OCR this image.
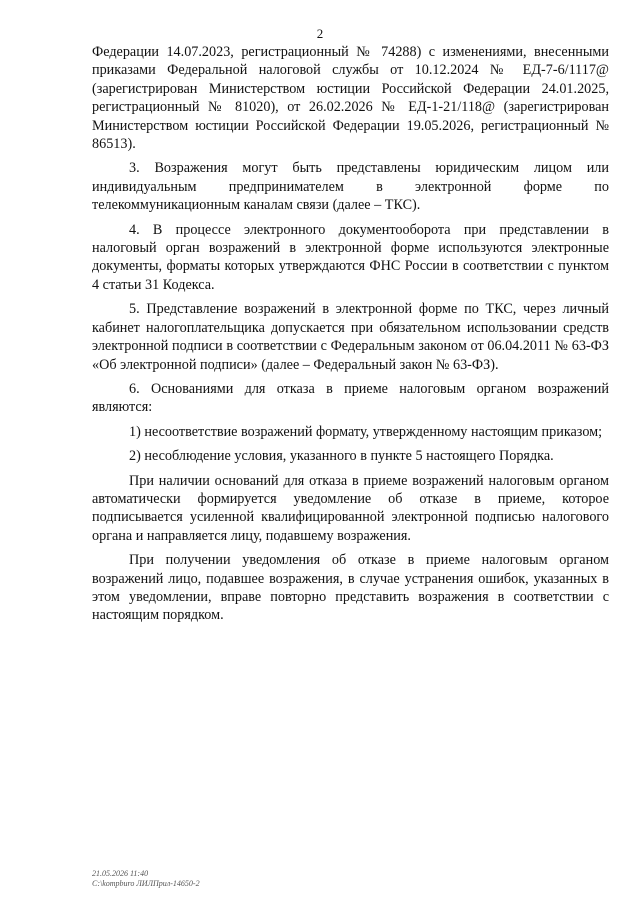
2

Федерации 14.07.2023, регистрационный № 74288) с изменениями, внесенными приказами Федеральной налоговой службы от 10.12.2024 № ЕД-7-6/1117@ (зарегистрирован Министерством юстиции Российской Федерации 24.01.2025, регистрационный № 81020), от 26.02.2026 № ЕД-1-21/118@ (зарегистрирован Министерством юстиции Российской Федерации 19.05.2026, регистрационный № 86513).

3. Возражения могут быть представлены юридическим лицом или индивидуальным предпринимателем в электронной форме по телекоммуникационным каналам связи (далее – ТКС).

4. В процессе электронного документооборота при представлении в налоговый орган возражений в электронной форме используются электронные документы, форматы которых утверждаются ФНС России в соответствии с пунктом 4 статьи 31 Кодекса.

5. Представление возражений в электронной форме по ТКС, через личный кабинет налогоплательщика допускается при обязательном использовании средств электронной подписи в соответствии с Федеральным законом от 06.04.2011 № 63-ФЗ «Об электронной подписи» (далее – Федеральный закон № 63-ФЗ).

6. Основаниями для отказа в приеме налоговым органом возражений являются:

1) несоответствие возражений формату, утвержденному настоящим приказом;

2) несоблюдение условия, указанного в пункте 5 настоящего Порядка.

При наличии оснований для отказа в приеме возражений налоговым органом автоматически формируется уведомление об отказе в приеме, которое подписывается усиленной квалифицированной электронной подписью налогового органа и направляется лицу, подавшему возражения.

При получении уведомления об отказе в приеме налоговым органом возражений лицо, подавшее возражения, в случае устранения ошибок, указанных в этом уведомлении, вправе повторно представить возражения в соответствии с настоящим порядком.

21.05.2026 11:40
C:\kompburo ЛИЛПрил-14650-2
